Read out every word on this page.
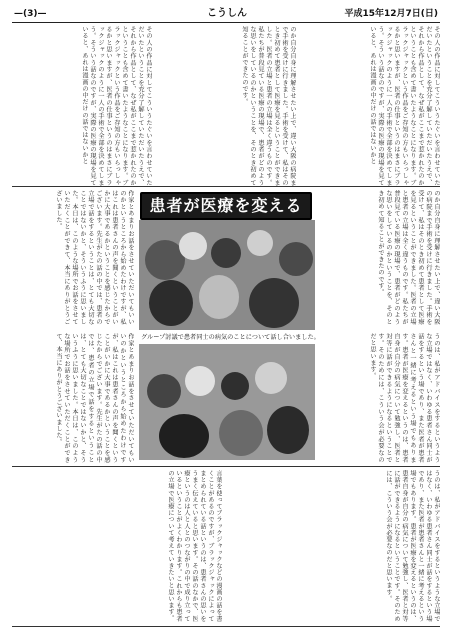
—(3)—	こうしん	平成15年12月7日(日)
その人の作品に対してこういうたぐいを言わせていただいたということを充分了解していただいたうえで、それから作品として、なぜ私がここまで惹かれたのかということも含めて書いたようなことになります。ブラックジャックという作品をご存知の方もいらっしゃるかと思いますが、医者の仕事というのはまさにブラックジャックのように一人の手術で全部を決めてしまう。そういう話なのですが、実際の医療の現場を見ていると、あれは漫画の中だけの話ではないかと
その人の作品に対してこういうたぐいを言わせていただいたということを充分了解していただいたうえで、それから作品として、なぜ私がここまで惹かれたのかということも含めて書いたようなことになります。ブラックジャックという作品をご存知の方もいらっしゃるかと思いますが、医者の仕事というのはまさにブラックジャックのように一人の手術で全部を決めてしまう。そういう話なのですが、実際の医療の現場を見ていると、あれは漫画の中だけの話ではないかと	のか自分自身に理解させたい上で、違い大阪の病院まで手術を受けに行きました。手術を受けて、私はそのとき初めて患者として医療を見るということができました。医者の立場と患者の立場は全く違うものです。私たちが普段見ている医療の現場で、患者がどのような思いをしているのかということを、そのとき初めて知ることができたのです。
作家とあまりお話をさせていただいてもいいのかというところから始めたわけですが、私はこれは患者さんの声を聞くということがいかに大事であるかということを感じたからでございます。先生がたの話の中では、患者の立場で話をするということは、とても大切なことではないかと、そういうふうに思いました。本日は、このような場所でお話をさせていただくことができて、本当にありがとうございました。
作家とあまりお話をさせていただいてもいいのかというところから始めたわけですが、私はこれは患者さんの声を聞くということがいかに大事であるかということを感じたからでございます。先生がたの話の中では、患者の立場で話をするということは、とても大切なことではないかと、そういうふうに思いました。本日は、このような場所でお話をさせていただくことができて、本当にありがとうございました。
のか自分自身に理解させたい上で、違い大阪の病院まで手術を受けに行きました。手術を受けて、私はそのとき初めて患者として医療を見るということができました。医者の立場と患者の立場は全く違うものです。私たちが普段見ている医療の現場で、患者がどのような思いをしているのかということを、そのとき初めて知ることができたのです。
うのは、私がアドバイスをするというような立場ではなく、いわゆる患者さん同士が話をするという場であり、また医者が患者さんと一緒に考えるという場でもあります。患者が医療を変えるというのは、患者自身が自分の病気について勉強し、医者と対等に話ができるようになるということです。そのためには、こういう会が必要なのだと思います。
言葉を使ってブラックジャックなどの漫画の話を書くことがあるのですが、ブラックジャックによってまとめられている話というのは、患者さんの思いをうまく伝えていると思います。その話のなかで、医療というのは人と人とのつながりの中で成り立っているということがよくわかります。これからも患者の立場で医療について考えていきたいと思います。	うのは、私がアドバイスをするというような立場ではなく、いわゆる患者さん同士が話をするという場であり、また医者が患者さんと一緒に考えるという場でもあります。患者が医療を変えるというのは、患者自身が自分の病気について勉強し、医者と対等に話ができるようになるということです。そのためには、こういう会が必要なのだと思います。
患者が医療を変える
グループ討議で患者同士の病気のことについて話し合いました。
